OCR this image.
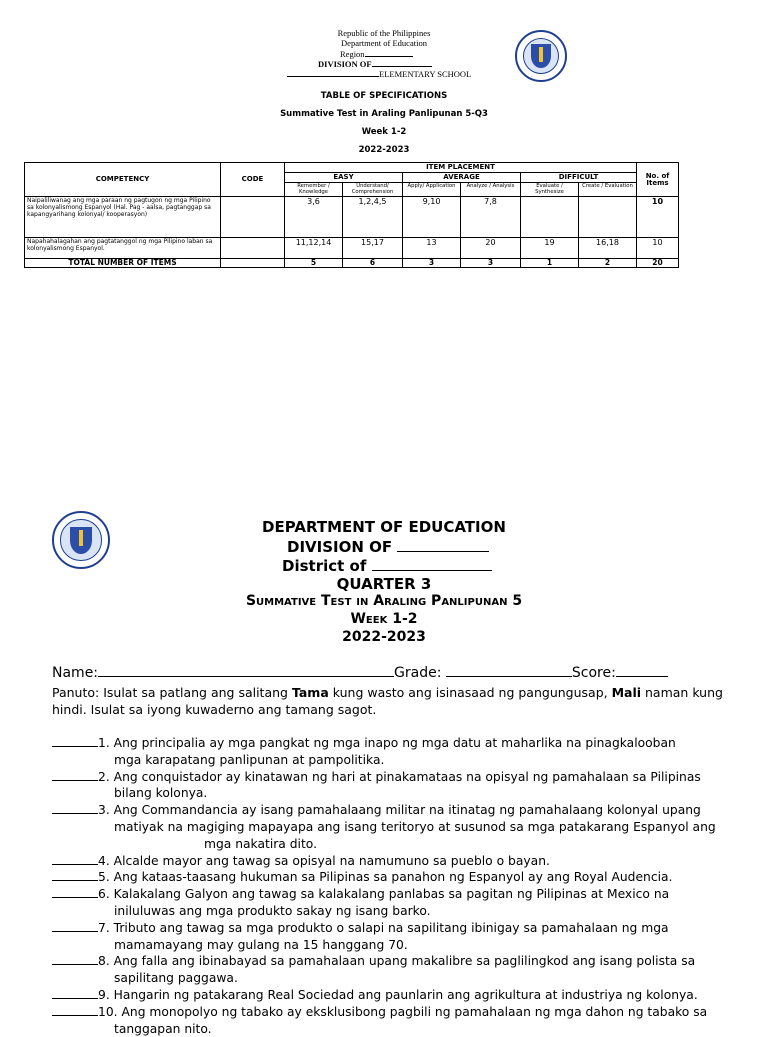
Republic of the Philippines
Department of Education
Region
DIVISION OF
ELEMENTARY SCHOOL
TABLE OF SPECIFICATIONS
Summative Test in Araling Panlipunan 5-Q3
Week 1-2
2022-2023
COMPETENCY	CODE	ITEM PLACEMENT						No. of Items
		EASY		AVERAGE		DIFFICULT		
		Remember / Knowledge	Understand/ Comprehension	Apply/ Application	Analyze / Analysis	Evaluate / Synthesize	Create / Evaluation	
Naipaliliwanag ang mga paraan ng pagtugon ng mga Pilipino sa kolonyalismong Espanyol (Hal. Pag - aalsa, pagtanggap sa kapangyarihang kolonyal/ kooperasyon)		3,6	1,2,4,5	9,10	7,8			10
Napahahalagahan ang pagtatanggol ng mga Pilipino laban sa kolonyalismong Espanyol.		11,12,14	15,17	13	20	19	16,18	10
TOTAL NUMBER OF ITEMS		5	6	3	3	1	2	20
DEPARTMENT OF EDUCATION
DIVISION OF
District of
QUARTER 3
Summative Test in Araling Panlipunan 5
Week 1-2
2022-2023
Name:	Grade:	Score:
Panuto: Isulat sa patlang ang salitang Tama kung wasto ang isinasaad ng pangungusap, Mali naman kung hindi. Isulat sa iyong kuwaderno ang tamang sagot.
1. Ang principalia ay mga pangkat ng mga inapo ng mga datu at maharlika na pinagkalooban
mga karapatang panlipunan at pampolitika.
2. Ang conquistador ay kinatawan ng hari at pinakamataas na opisyal ng pamahalaan sa Pilipinas
bilang kolonya.
3. Ang Commandancia ay isang pamahalaang militar na itinatag ng pamahalaang kolonyal upang
matiyak na magiging mapayapa ang isang teritoryo at susunod sa mga patakarang Espanyol ang mga nakatira dito.
4. Alcalde mayor ang tawag sa opisyal na namumuno sa pueblo o bayan.
5. Ang kataas-taasang hukuman sa Pilipinas sa panahon ng Espanyol ay ang Royal Audencia.
6. Kalakalang Galyon ang tawag sa kalakalang panlabas sa pagitan ng Pilipinas at Mexico na
iniluluwas ang mga produkto sakay ng isang barko.
7. Tributo ang tawag sa mga produkto o salapi na sapilitang ibinigay sa pamahalaan ng mga
mamamayang may gulang na 15 hanggang 70.
8. Ang falla ang ibinabayad sa pamahalaan upang makalibre sa paglilingkod ang isang polista sa
sapilitang paggawa.
9. Hangarin ng patakarang Real Sociedad ang paunlarin ang agrikultura at industriya ng kolonya.
10. Ang monopolyo ng tabako ay eksklusibong pagbili ng pamahalaan ng mga dahon ng tabako sa
tanggapan nito.
